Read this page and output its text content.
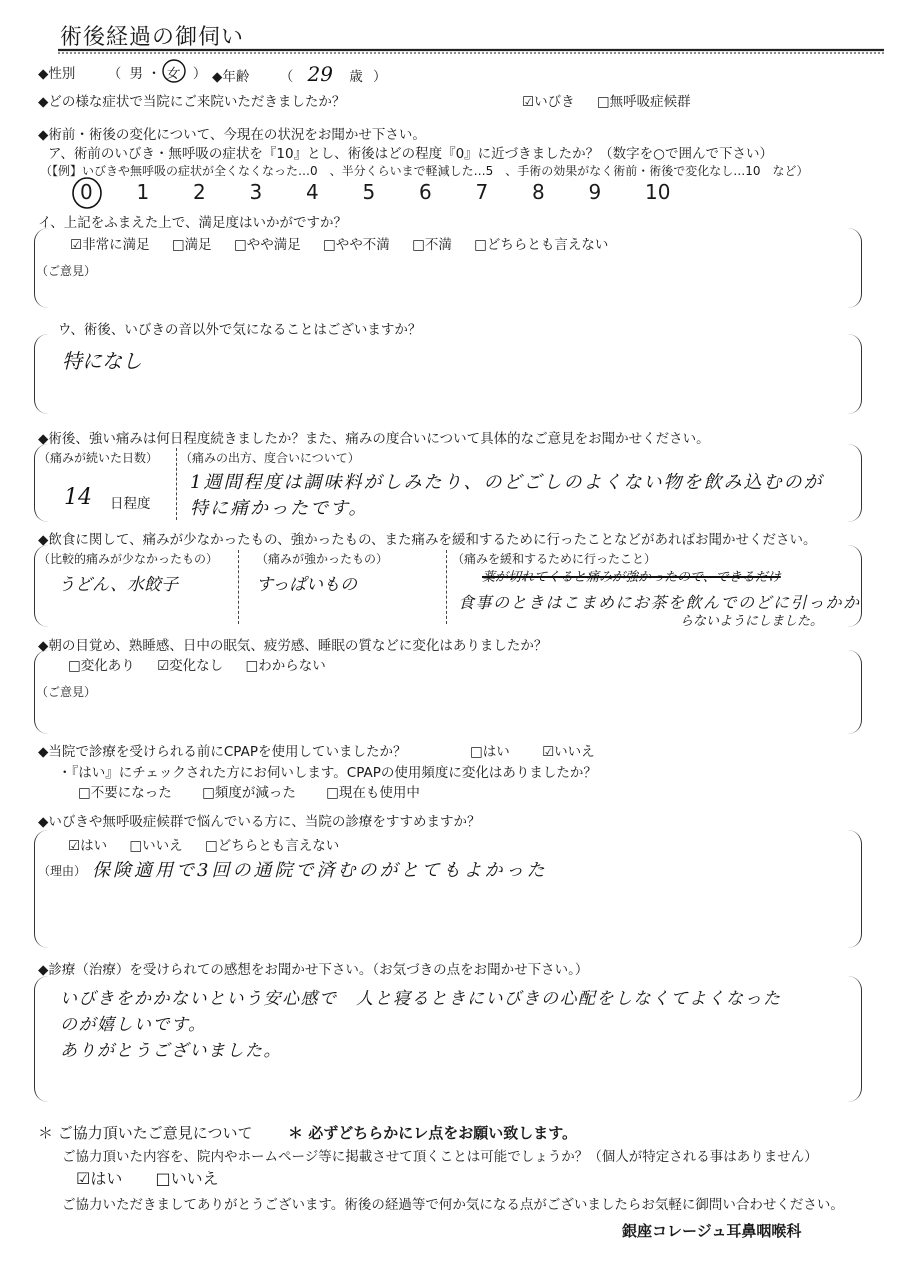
術後経過の御伺い
◆性別 （ 男 ・ 女 ） ◆年齢 （ 29 歳 ）
◆どの様な症状で当院にご来院いただきましたか？	☑いびき □無呼吸症候群
◆術前・術後の変化について、今現在の状況をお聞かせ下さい。
ア、術前のいびき・無呼吸の症状を『10』とし、術後はどの程度『0』に近づきましたか？（数字を○で囲んで下さい）
（【例】いびきや無呼吸の症状が全くなくなった…0　、半分くらいまで軽減した…5　、手術の効果がなく術前・術後で変化なし…10　など）
0 1 2 3 4 5 6 7 8 9 10
イ、上記をふまえた上で、満足度はいかがですか？
☑非常に満足 □満足 □やや満足 □やや不満 □不満 □どちらとも言えない
（ご意見）
ウ、術後、いびきの音以外で気になることはございますか？
特になし
◆術後、強い痛みは何日程度続きましたか？また、痛みの度合いについて具体的なご意見をお聞かせください。
（痛みが続いた日数） （痛みの出方、度合いについて）
14 日程度
1週間程度は調味料がしみたり、のどごしのよくない物を飲み込むのが
特に痛かったです。
◆飲食に関して、痛みが少なかったもの、強かったもの、また痛みを緩和するために行ったことなどがあればお聞かせください。
（比較的痛みが少なかったもの）	（痛みが強かったもの）	（痛みを緩和するために行ったこと）
うどん、水餃子	すっぱいもの	薬が切れてくると痛みが強かったので、できるだけ
食事のときはこまめにお茶を飲んでのどに引っかか
らないようにしました。
◆朝の目覚め、熟睡感、日中の眠気、疲労感、睡眠の質などに変化はありましたか？
□変化あり ☑変化なし □わからない
（ご意見）
◆当院で診療を受けられる前にCPAPを使用していましたか？	□はい ☑いいえ
・『はい』にチェックされた方にお伺いします。CPAPの使用頻度に変化はありましたか？
□不要になった □頻度が減った □現在も使用中
◆いびきや無呼吸症候群で悩んでいる方に、当院の診療をすすめますか？
☑はい □いいえ □どちらとも言えない
（理由） 保険適用で3回の通院で済むのがとてもよかった
◆診療（治療）を受けられての感想をお聞かせ下さい。（お気づきの点をお聞かせ下さい。）
いびきをかかないという安心感で　人と寝るときにいびきの心配をしなくてよくなった
のが嬉しいです。
ありがとうございました。
＊ ご協力頂いたご意見について ＊ 必ずどちらかにレ点をお願い致します。
ご協力頂いた内容を、院内やホームページ等に掲載させて頂くことは可能でしょうか？（個人が特定される事はありません）
☑はい □いいえ
ご協力いただきましてありがとうございます。術後の経過等で何か気になる点がございましたらお気軽に御問い合わせください。
銀座コレージュ耳鼻咽喉科
